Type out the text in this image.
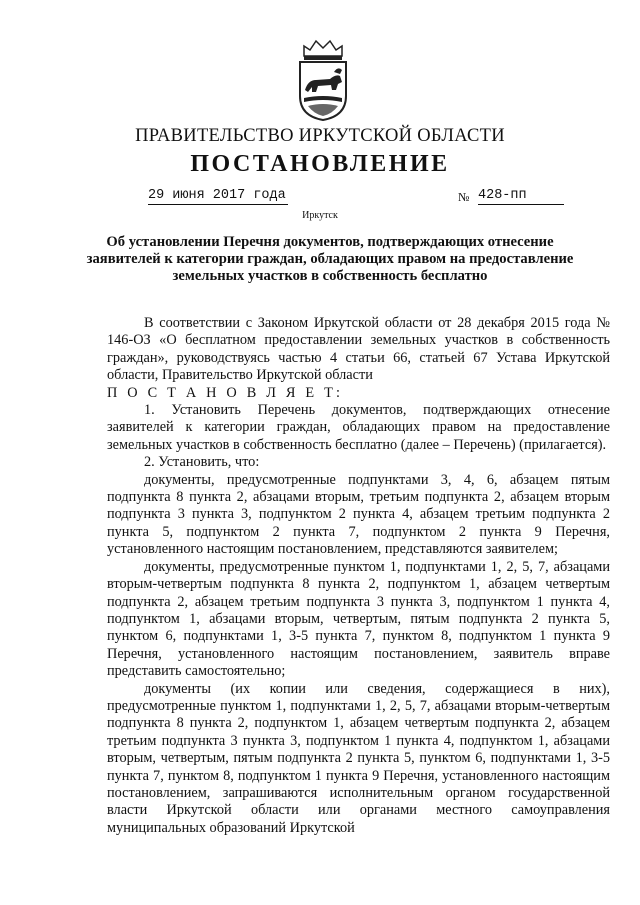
ПРАВИТЕЛЬСТВО ИРКУТСКОЙ ОБЛАСТИ
ПОСТАНОВЛЕНИЕ
29 июня 2017 года	№ 428-пп
Иркутск
Об установлении Перечня документов, подтверждающих отнесение заявителей к категории граждан, обладающих правом на предоставление земельных участков в собственность бесплатно

В соответствии с Законом Иркутской области от 28 декабря 2015 года № 146-ОЗ «О бесплатном предоставлении земельных участков в собственность граждан», руководствуясь частью 4 статьи 66, статьей 67 Устава Иркутской области, Правительство Иркутской области

П О С Т А Н О В Л Я Е Т:

1. Установить Перечень документов, подтверждающих отнесение заявителей к категории граждан, обладающих правом на предоставление земельных участков в собственность бесплатно (далее – Перечень) (прилагается).

2. Установить, что:

документы, предусмотренные подпунктами 3, 4, 6, абзацем пятым подпункта 8 пункта 2, абзацами вторым, третьим подпункта 2, абзацем вторым подпункта 3 пункта 3, подпунктом 2 пункта 4, абзацем третьим подпункта 2 пункта 5, подпунктом 2 пункта 7, подпунктом 2 пункта 9 Перечня, установленного настоящим постановлением, представляются заявителем;

документы, предусмотренные пунктом 1, подпунктами 1, 2, 5, 7, абзацами вторым-четвертым подпункта 8 пункта 2, подпунктом 1, абзацем четвертым подпункта 2, абзацем третьим подпункта 3 пункта 3, подпунктом 1 пункта 4, подпунктом 1, абзацами вторым, четвертым, пятым подпункта 2 пункта 5, пунктом 6, подпунктами 1, 3-5 пункта 7, пунктом 8, подпунктом 1 пункта 9 Перечня, установленного настоящим постановлением, заявитель вправе представить самостоятельно;

документы (их копии или сведения, содержащиеся в них), предусмотренные пунктом 1, подпунктами 1, 2, 5, 7, абзацами вторым-четвертым подпункта 8 пункта 2, подпунктом 1, абзацем четвертым подпункта 2, абзацем третьим подпункта 3 пункта 3, подпунктом 1 пункта 4, подпунктом 1, абзацами вторым, четвертым, пятым подпункта 2 пункта 5, пунктом 6, подпунктами 1, 3-5 пункта 7, пунктом 8, подпунктом 1 пункта 9 Перечня, установленного настоящим постановлением, запрашиваются исполнительным органом государственной власти Иркутской области или органами местного самоуправления муниципальных образований Иркутской
